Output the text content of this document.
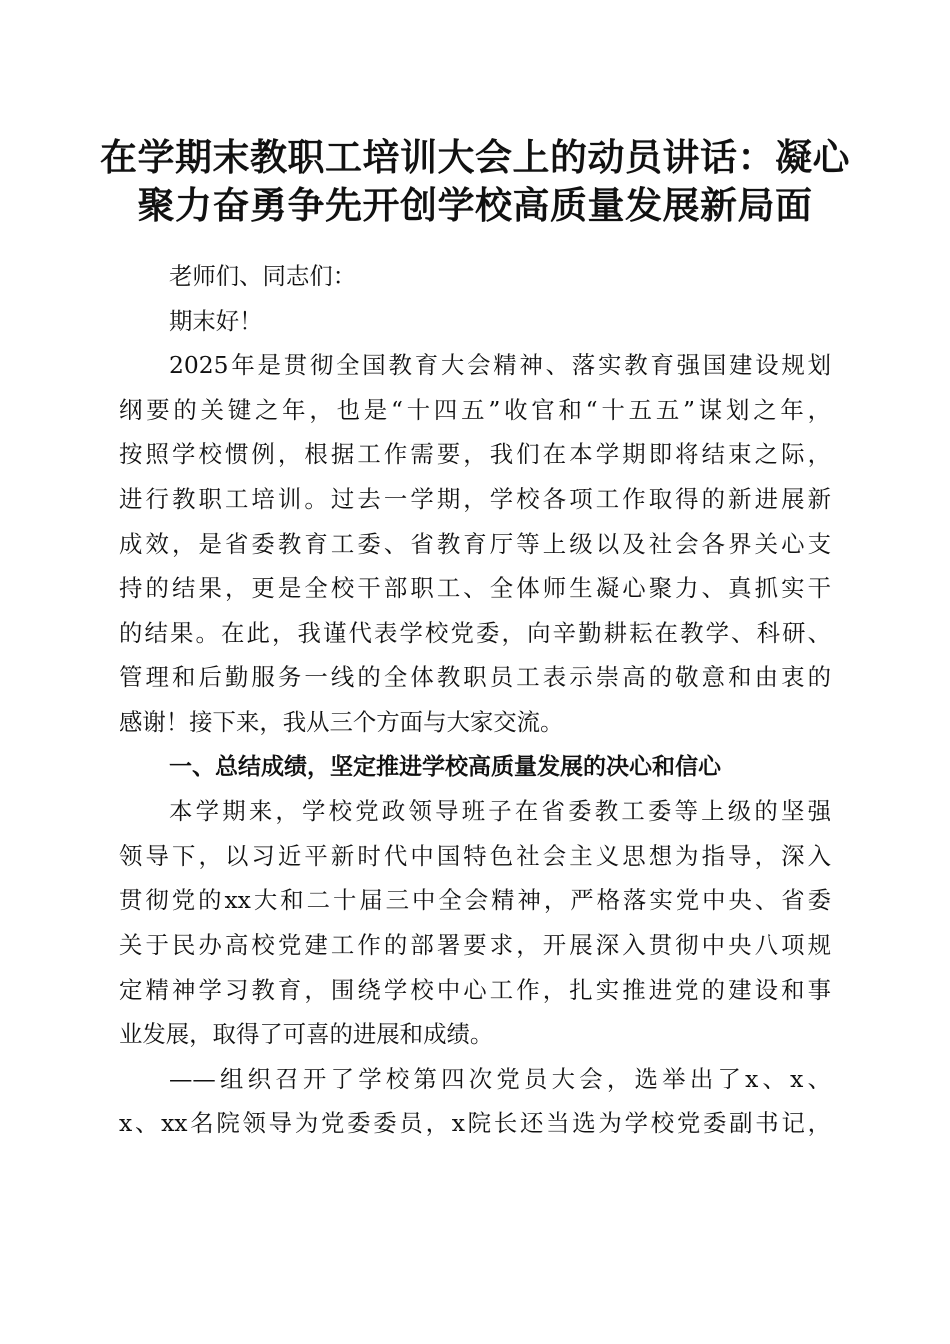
在学期末教职工培训大会上的动员讲话：凝心
聚力奋勇争先开创学校高质量发展新局面
老师们、同志们：
期末好！
2025年是贯彻全国教育大会精神、落实教育强国建设规划
纲要的关键之年，也是“十四五”收官和“十五五”谋划之年，
按照学校惯例，根据工作需要，我们在本学期即将结束之际，
进行教职工培训。过去一学期，学校各项工作取得的新进展新
成效，是省委教育工委、省教育厅等上级以及社会各界关心支
持的结果，更是全校干部职工、全体师生凝心聚力、真抓实干
的结果。在此，我谨代表学校党委，向辛勤耕耘在教学、科研、
管理和后勤服务一线的全体教职员工表示崇高的敬意和由衷的
感谢！接下来，我从三个方面与大家交流。
一、总结成绩，坚定推进学校高质量发展的决心和信心
本学期来，学校党政领导班子在省委教工委等上级的坚强
领导下，以习近平新时代中国特色社会主义思想为指导，深入
贯彻党的xx大和二十届三中全会精神，严格落实党中央、省委
关于民办高校党建工作的部署要求，开展深入贯彻中央八项规
定精神学习教育，围绕学校中心工作，扎实推进党的建设和事
业发展，取得了可喜的进展和成绩。
——组织召开了学校第四次党员大会，选举出了x、x、
x、xx名院领导为党委委员，x院长还当选为学校党委副书记，
